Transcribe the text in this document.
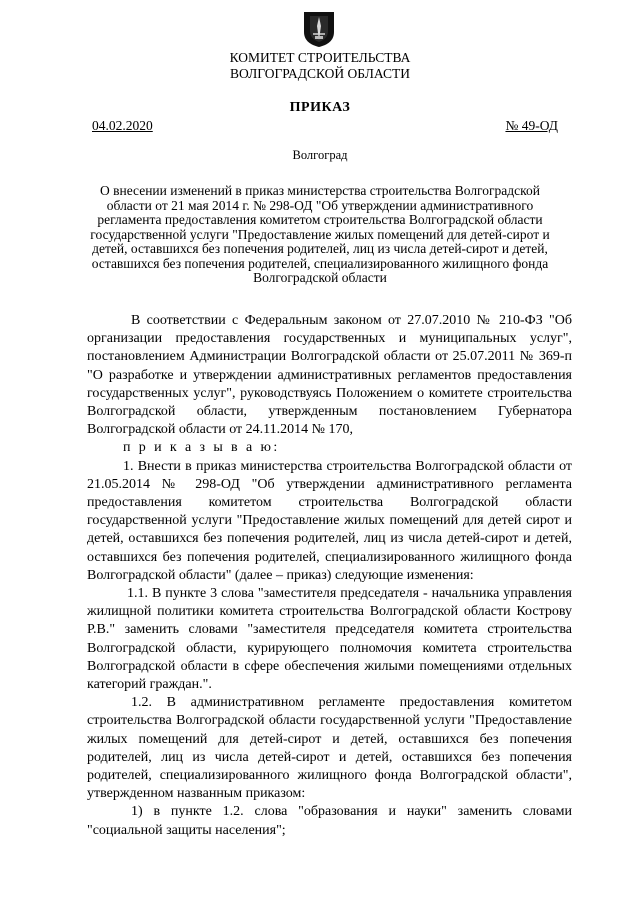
КОМИТЕТ СТРОИТЕЛЬСТВА
ВОЛГОГРАДСКОЙ ОБЛАСТИ
ПРИКАЗ
04.02.2020	№ 49-ОД
Волгоград

О внесении изменений в приказ министерства строительства Волгоградской области от 21 мая 2014 г. № 298-ОД "Об утверждении административного регламента предоставления комитетом строительства Волгоградской области государственной услуги "Предоставление жилых помещений для детей-сирот и детей, оставшихся без попечения родителей, лиц из числа детей-сирот и детей, оставшихся без попечения родителей, специализированного жилищного фонда Волгоградской области

В соответствии с Федеральным законом от 27.07.2010 № 210-ФЗ "Об организации предоставления государственных и муниципальных услуг", постановлением Администрации Волгоградской области от 25.07.2011 № 369-п "О разработке и утверждении административных регламентов предоставления государственных услуг", руководствуясь Положением о комитете строительства Волгоградской области, утвержденным постановлением Губернатора Волгоградской области от 24.11.2014 № 170,

п р и к а з ы в а ю:

1. Внести в приказ министерства строительства Волгоградской области от 21.05.2014 № 298-ОД "Об утверждении административного регламента предоставления комитетом строительства Волгоградской области государственной услуги "Предоставление жилых помещений для детей сирот и детей, оставшихся без попечения родителей, лиц из числа детей-сирот и детей, оставшихся без попечения родителей, специализированного жилищного фонда Волгоградской области" (далее – приказ) следующие изменения:

1.1. В пункте 3 слова "заместителя председателя - начальника управления жилищной политики комитета строительства Волгоградской области Кострову Р.В." заменить словами "заместителя председателя комитета строительства Волгоградской области, курирующего полномочия комитета строительства Волгоградской области в сфере обеспечения жилыми помещениями отдельных категорий граждан.".

1.2. В административном регламенте предоставления комитетом строительства Волгоградской области государственной услуги "Предоставление жилых помещений для детей-сирот и детей, оставшихся без попечения родителей, лиц из числа детей-сирот и детей, оставшихся без попечения родителей, специализированного жилищного фонда Волгоградской области", утвержденном названным приказом:

1) в пункте 1.2. слова "образования и науки" заменить словами "социальной защиты населения";
